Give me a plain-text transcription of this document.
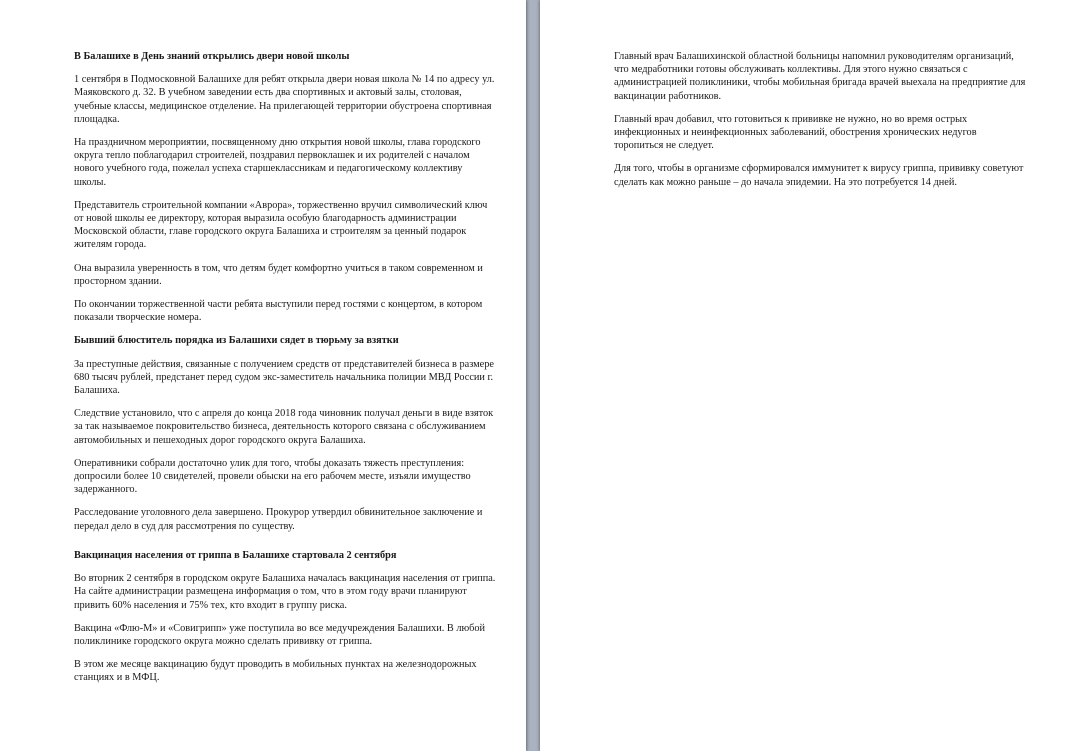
В Балашихе в День знаний открылись двери новой школы

1 сентября в Подмосковной Балашихе для ребят открыла двери новая школа № 14 по адресу ул. Маяковского д. 32. В учебном заведении есть два спортивных и актовый залы, столовая, учебные классы, медицинское отделение. На прилегающей территории обустроена спортивная площадка.

На праздничном мероприятии, посвященному дню открытия новой школы, глава городского округа тепло поблагодарил строителей, поздравил первоклашек и их родителей с началом нового учебного года, пожелал успеха старшеклассникам и педагогическому коллективу школы.

Представитель строительной компании «Аврора», торжественно вручил символический ключ от новой школы ее директору, которая выразила особую благодарность администрации Московской области, главе городского округа Балашиха и строителям за ценный подарок жителям города.

Она выразила уверенность в том, что детям будет комфортно учиться в таком современном и просторном здании.

По окончании торжественной части ребята выступили перед гостями с концертом, в котором показали творческие номера.

Бывший блюститель порядка из Балашихи сядет в тюрьму за взятки

За преступные действия, связанные с получением средств от представителей бизнеса в размере 680 тысяч рублей, предстанет перед судом экс-заместитель начальника полиции МВД России г. Балашиха.

Следствие установило, что с апреля до конца 2018 года чиновник получал деньги в виде взяток за так называемое покровительство бизнеса, деятельность которого связана с обслуживанием автомобильных и пешеходных дорог городского округа Балашиха.

Оперативники собрали достаточно улик для того, чтобы доказать тяжесть преступления: допросили более 10 свидетелей, провели обыски на его рабочем месте, изъяли имущество задержанного.

Расследование уголовного дела завершено. Прокурор утвердил обвинительное заключение и передал дело в суд для рассмотрения по существу.

Вакцинация населения от гриппа в Балашихе стартовала 2 сентября

Во вторник 2 сентября в городском округе Балашиха началась вакцинация населения от гриппа. На сайте администрации размещена информация о том, что в этом году врачи планируют привить 60% населения и 75% тех, кто входит в группу риска.

Вакцина «Флю-М» и «Совигрипп» уже поступила во все медучреждения Балашихи. В любой поликлинике городского округа можно сделать прививку от гриппа.

В этом же месяце вакцинацию будут проводить в мобильных пунктах на железнодорожных станциях и в МФЦ.

Главный врач Балашихинской областной больницы напомнил руководителям организаций, что медработники готовы обслуживать коллективы. Для этого нужно связаться с администрацией поликлиники, чтобы мобильная бригада врачей выехала на предприятие для вакцинации работников.

Главный врач добавил, что готовиться к прививке не нужно, но во время острых инфекционных и неинфекционных заболеваний, обострения хронических недугов торопиться не следует.

Для того, чтобы в организме сформировался иммунитет к вирусу гриппа, прививку советуют сделать как можно раньше – до начала эпидемии. На это потребуется 14 дней.
